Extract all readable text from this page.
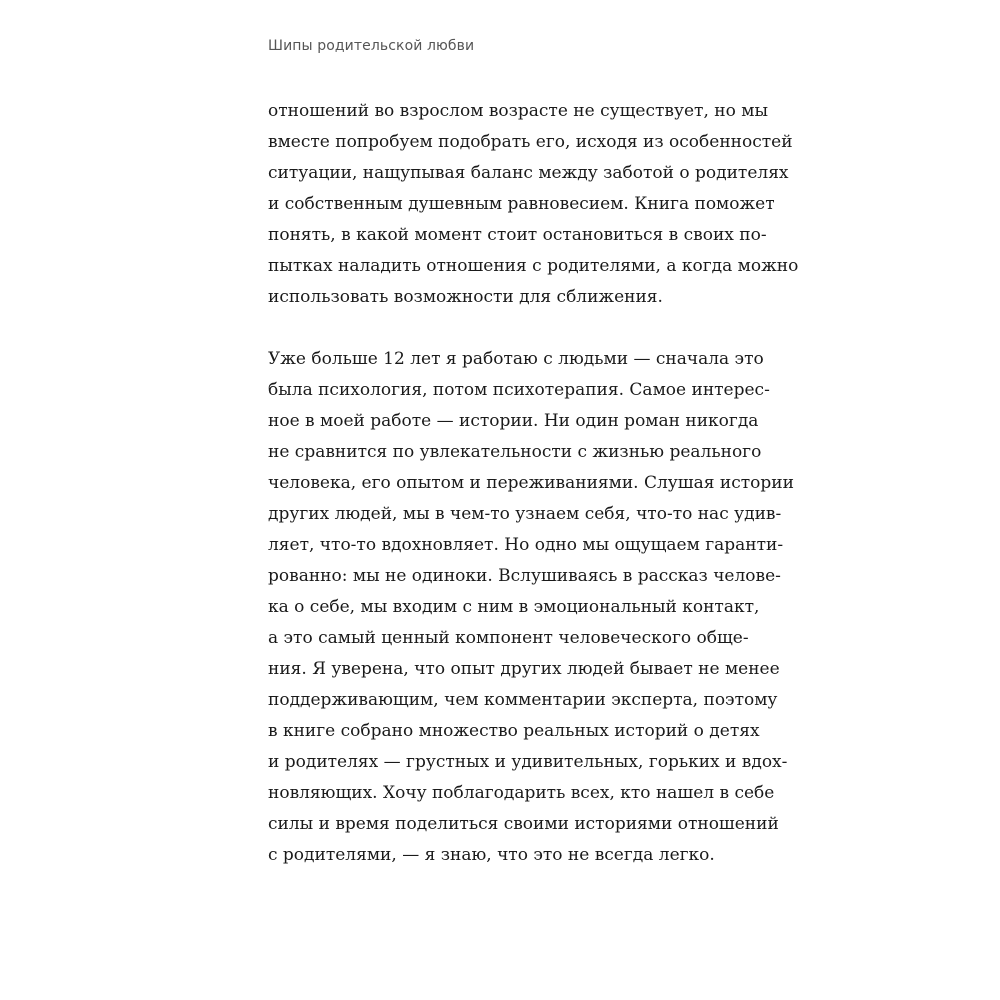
Шипы родительской любви

отношений во взрослом возрасте не существует, но мы
вместе попробуем подобрать его, исходя из особенностей
ситуации, нащупывая баланс между заботой о родителях
и собственным душевным равновесием. Книга поможет
понять, в какой момент стоит остановиться в своих по-
пытках наладить отношения с родителями, а когда можно
использовать возможности для сближения.

Уже больше 12 лет я работаю с людьми — сначала это
была психология, потом психотерапия. Самое интерес-
ное в моей работе — истории. Ни один роман никогда
не сравнится по увлекательности с жизнью реального
человека, его опытом и переживаниями. Слушая истории
других людей, мы в чем-то узнаем себя, что-то нас удив-
ляет, что-то вдохновляет. Но одно мы ощущаем гаранти-
рованно: мы не одиноки. Вслушиваясь в рассказ челове-
ка о себе, мы входим с ним в эмоциональный контакт,
а это самый ценный компонент человеческого обще-
ния. Я уверена, что опыт других людей бывает не менее
поддерживающим, чем комментарии эксперта, поэтому
в книге собрано множество реальных историй о детях
и родителях — грустных и удивительных, горьких и вдох-
новляющих. Хочу поблагодарить всех, кто нашел в себе
силы и время поделиться своими историями отношений
с родителями, — я знаю, что это не всегда легко.
